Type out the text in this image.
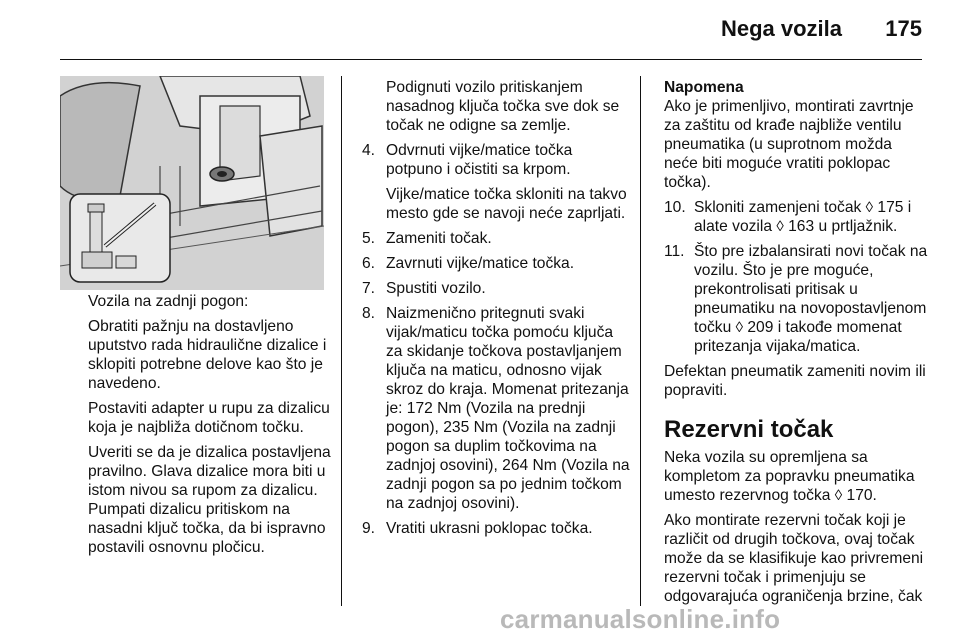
Nega vozila 175

Vozila na zadnji pogon:

Obratiti pažnju na dostavljeno uputstvo rada hidraulične dizalice i sklopiti potrebne delove kao što je navedeno.

Postaviti adapter u rupu za dizalicu koja je najbliža dotičnom točku.

Uveriti se da je dizalica postavljena pravilno. Glava dizalice mora biti u istom nivou sa rupom za dizalicu. Pumpati dizalicu pritiskom na nasadni ključ točka, da bi ispravno postavili osnovnu pločicu.

Podignuti vozilo pritiskanjem nasadnog ključa točka sve dok se točak ne odigne sa zemlje.

4. Odvrnuti vijke/matice točka potpuno i očistiti sa krpom.
Vijke/matice točka skloniti na takvo mesto gde se navoji neće zaprljati.
5. Zameniti točak.
6. Zavrnuti vijke/matice točka.
7. Spustiti vozilo.
8. Naizmenično pritegnuti svaki vijak/maticu točka pomoću ključa za skidanje točkova postavljanjem ključa na maticu, odnosno vijak skroz do kraja. Momenat pritezanja je: 172 Nm (Vozila na prednji pogon), 235 Nm (Vozila na zadnji pogon sa duplim točkovima na zadnjoj osovini), 264 Nm (Vozila na zadnji pogon sa po jednim točkom na zadnjoj osovini).
9. Vratiti ukrasni poklopac točka.
Napomena

Ako je primenljivo, montirati zavrtnje za zaštitu od krađe najbliže ventilu pneumatika (u suprotnom možda neće biti moguće vratiti poklopac točka).

10. Skloniti zamenjeni točak ◊ 175 i alate vozila ◊ 163 u prtljažnik.
11. Što pre izbalansirati novi točak na vozilu. Što je pre moguće, prekontrolisati pritisak u pneumatiku na novopostavljenom točku ◊ 209 i takođe momenat pritezanja vijaka/matica.

Defektan pneumatik zameniti novim ili popraviti.

Rezervni točak

Neka vozila su opremljena sa kompletom za popravku pneumatika umesto rezervnog točka ◊ 170.

Ako montirate rezervni točak koji je različit od drugih točkova, ovaj točak može da se klasifikuje kao privremeni rezervni točak i primenjuju se odgovarajuća ograničenja brzine, čak

carmanualsonline.info
